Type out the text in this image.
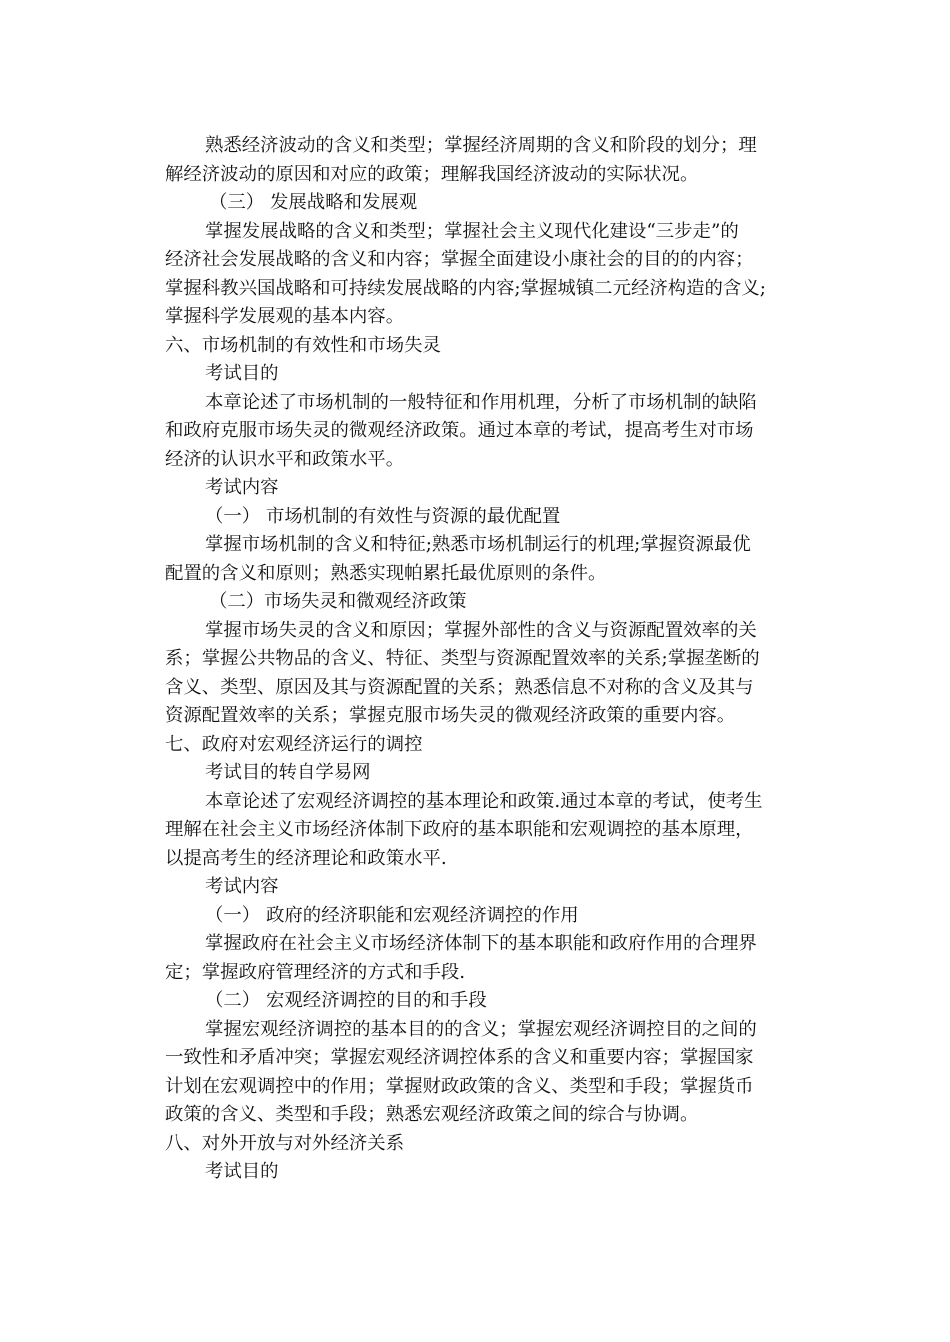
熟悉经济波动的含义和类型；掌握经济周期的含义和阶段的划分；理
解经济波动的原因和对应的政策；理解我国经济波动的实际状况。
（三） 发展战略和发展观
掌握发展战略的含义和类型；掌握社会主义现代化建设“三步走”的
经济社会发展战略的含义和内容；掌握全面建设小康社会的目的的内容；
掌握科教兴国战略和可持续发展战略的内容;掌握城镇二元经济构造的含义;
掌握科学发展观的基本内容。
六、市场机制的有效性和市场失灵
考试目的
本章论述了市场机制的一般特征和作用机理，分析了市场机制的缺陷
和政府克服市场失灵的微观经济政策。通过本章的考试，提高考生对市场
经济的认识水平和政策水平。
考试内容
（一） 市场机制的有效性与资源的最优配置
掌握市场机制的含义和特征;熟悉市场机制运行的机理;掌握资源最优
配置的含义和原则；熟悉实现帕累托最优原则的条件。
（二）市场失灵和微观经济政策
掌握市场失灵的含义和原因；掌握外部性的含义与资源配置效率的关
系；掌握公共物品的含义、特征、类型与资源配置效率的关系;掌握垄断的
含义、类型、原因及其与资源配置的关系；熟悉信息不对称的含义及其与
资源配置效率的关系；掌握克服市场失灵的微观经济政策的重要内容。
七、政府对宏观经济运行的调控
考试目的转自学易网
本章论述了宏观经济调控的基本理论和政策.通过本章的考试，使考生
理解在社会主义市场经济体制下政府的基本职能和宏观调控的基本原理，
以提高考生的经济理论和政策水平.
考试内容
（一） 政府的经济职能和宏观经济调控的作用
掌握政府在社会主义市场经济体制下的基本职能和政府作用的合理界
定；掌握政府管理经济的方式和手段.
（二） 宏观经济调控的目的和手段
掌握宏观经济调控的基本目的的含义；掌握宏观经济调控目的之间的
一致性和矛盾冲突；掌握宏观经济调控体系的含义和重要内容；掌握国家
计划在宏观调控中的作用；掌握财政政策的含义、类型和手段；掌握货币
政策的含义、类型和手段；熟悉宏观经济政策之间的综合与协调。
八、对外开放与对外经济关系
考试目的
